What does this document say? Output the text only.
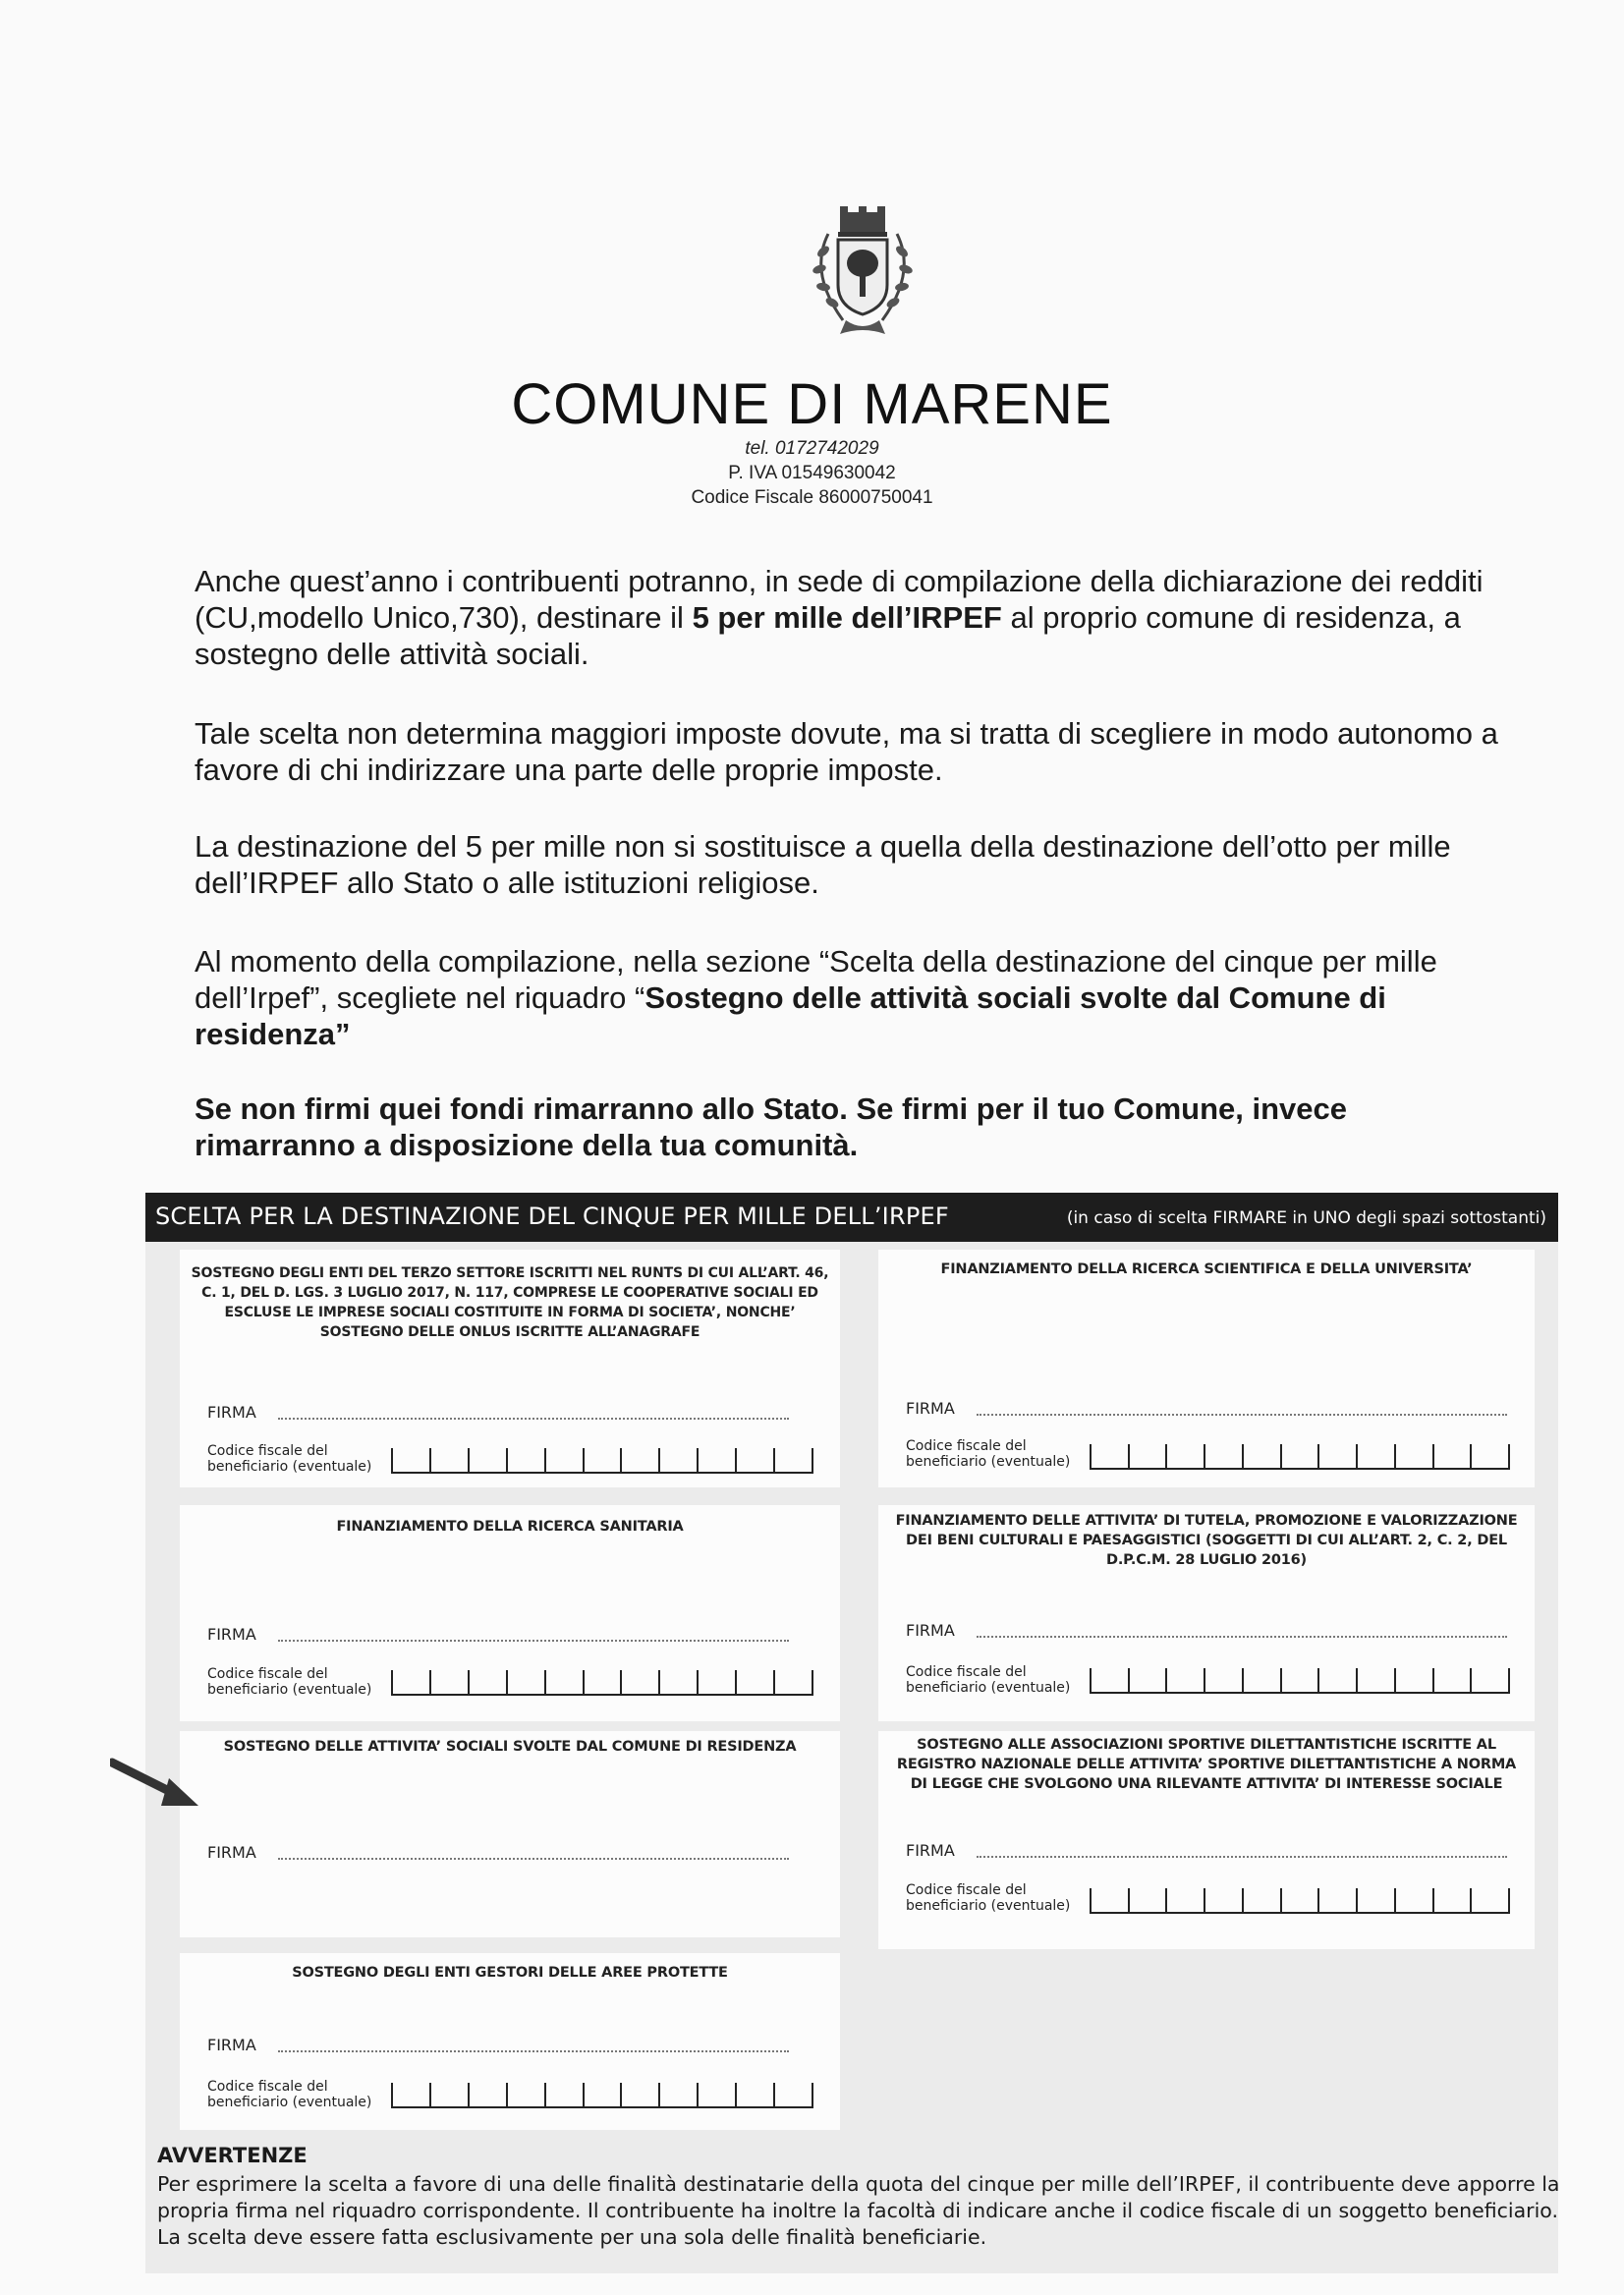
COMUNE DI MARENE
tel. 0172742029
P. IVA 01549630042
Codice Fiscale 86000750041
Anche quest’anno i contribuenti potranno, in sede di compilazione della dichiarazione dei redditi (CU,modello Unico,730), destinare il 5 per mille dell’IRPEF al proprio comune di residenza, a sostegno delle attività sociali.
Tale scelta non determina maggiori imposte dovute, ma si tratta di scegliere in modo autonomo a favore di chi indirizzare una parte delle proprie imposte.
La destinazione del 5 per mille non si sostituisce a quella della destinazione dell’otto per mille dell’IRPEF allo Stato o alle istituzioni religiose.
Al momento della compilazione, nella sezione “Scelta della destinazione del cinque per mille dell’Irpef”, scegliete nel riquadro “Sostegno delle attività sociali svolte dal Comune di residenza”
Se non firmi quei fondi rimarranno allo Stato. Se firmi per il tuo Comune, invece rimarranno a disposizione della tua comunità.
SCELTA PER LA DESTINAZIONE DEL CINQUE PER MILLE DELL’IRPEF	(in caso di scelta FIRMARE in UNO degli spazi sottostanti)
SOSTEGNO DEGLI ENTI DEL TERZO SETTORE ISCRITTI NEL RUNTS DI CUI ALL’ART. 46, C. 1, DEL D. LGS. 3 LUGLIO 2017, N. 117, COMPRESE LE COOPERATIVE SOCIALI ED ESCLUSE LE IMPRESE SOCIALI COSTITUITE IN FORMA DI SOCIETA’, NONCHE’ SOSTEGNO DELLE ONLUS ISCRITTE ALL’ANAGRAFE
FIRMA
Codice fiscale del
beneficiario (eventuale)
FINANZIAMENTO DELLA RICERCA SCIENTIFICA E DELLA UNIVERSITA’
FIRMA
Codice fiscale del
beneficiario (eventuale)
FINANZIAMENTO DELLA RICERCA SANITARIA
FIRMA
Codice fiscale del
beneficiario (eventuale)
FINANZIAMENTO DELLE ATTIVITA’ DI TUTELA, PROMOZIONE E VALORIZZAZIONE DEI BENI CULTURALI E PAESAGGISTICI (SOGGETTI DI CUI ALL’ART. 2, C. 2, DEL D.P.C.M. 28 LUGLIO 2016)
FIRMA
Codice fiscale del
beneficiario (eventuale)
SOSTEGNO DELLE ATTIVITA’ SOCIALI SVOLTE DAL COMUNE DI RESIDENZA
FIRMA
SOSTEGNO ALLE ASSOCIAZIONI SPORTIVE DILETTANTISTICHE ISCRITTE AL REGISTRO NAZIONALE DELLE ATTIVITA’ SPORTIVE DILETTANTISTICHE A NORMA DI LEGGE CHE SVOLGONO UNA RILEVANTE ATTIVITA’ DI INTERESSE SOCIALE
FIRMA
Codice fiscale del
beneficiario (eventuale)
SOSTEGNO DEGLI ENTI GESTORI DELLE AREE PROTETTE
FIRMA
Codice fiscale del
beneficiario (eventuale)
AVVERTENZE
Per esprimere la scelta a favore di una delle finalità destinatarie della quota del cinque per mille dell’IRPEF, il contribuente deve apporre la propria firma nel riquadro corrispondente. Il contribuente ha inoltre la facoltà di indicare anche il codice fiscale di un soggetto beneficiario. La scelta deve essere fatta esclusivamente per una sola delle finalità beneficiarie.
